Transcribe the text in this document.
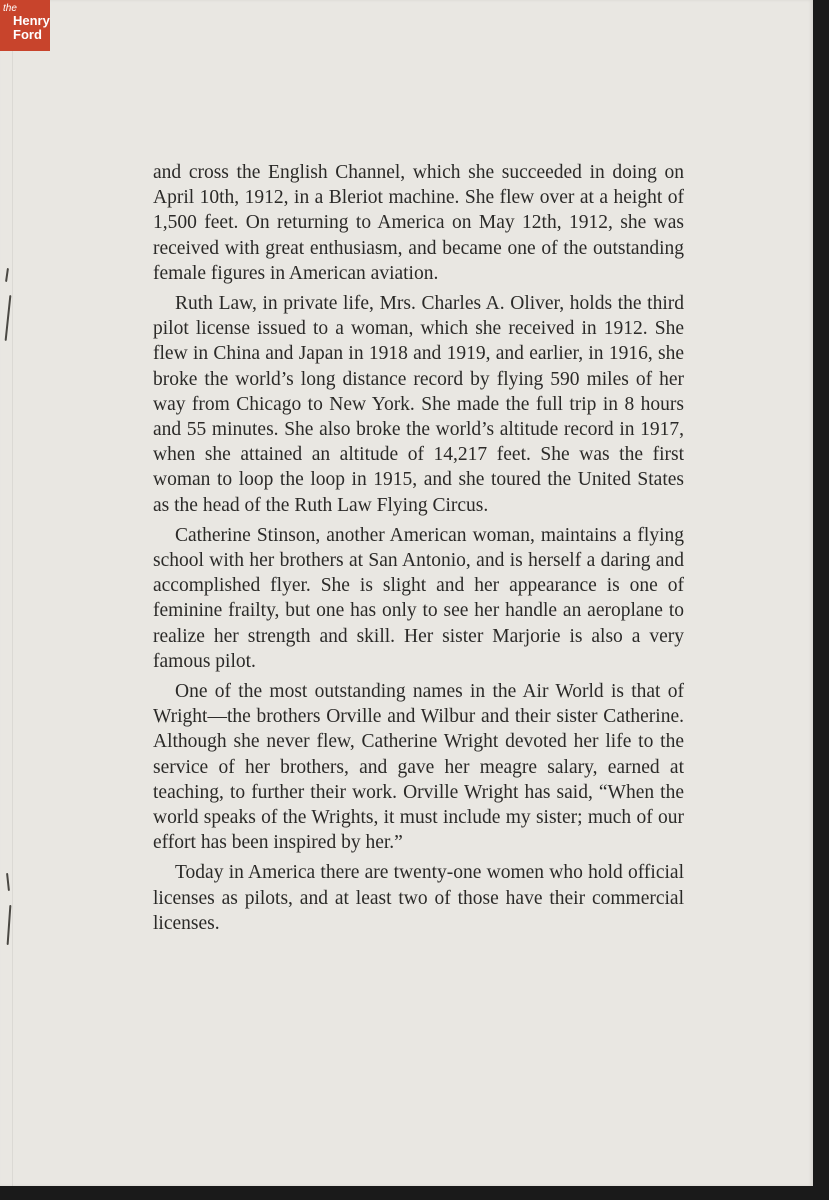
the
Henry
Ford

and cross the English Channel, which she succeeded in doing on April 10th, 1912, in a Bleriot machine. She flew over at a height of 1,500 feet. On returning to America on May 12th, 1912, she was received with great enthusiasm, and became one of the outstanding female figures in American aviation.

Ruth Law, in private life, Mrs. Charles A. Oliver, holds the third pilot license issued to a woman, which she received in 1912. She flew in China and Japan in 1918 and 1919, and earlier, in 1916, she broke the world’s long distance record by flying 590 miles of her way from Chicago to New York. She made the full trip in 8 hours and 55 minutes. She also broke the world’s altitude record in 1917, when she attained an altitude of 14,217 feet. She was the first woman to loop the loop in 1915, and she toured the United States as the head of the Ruth Law Flying Circus.

Catherine Stinson, another American woman, maintains a flying school with her brothers at San Antonio, and is herself a daring and accomplished flyer. She is slight and her appearance is one of feminine frailty, but one has only to see her handle an aeroplane to realize her strength and skill. Her sister Marjorie is also a very famous pilot.

One of the most outstanding names in the Air World is that of Wright—the brothers Orville and Wilbur and their sister Catherine. Although she never flew, Catherine Wright devoted her life to the service of her brothers, and gave her meagre salary, earned at teaching, to further their work. Orville Wright has said, “When the world speaks of the Wrights, it must include my sister; much of our effort has been inspired by her.”

Today in America there are twenty-one women who hold official licenses as pilots, and at least two of those have their commercial licenses.
